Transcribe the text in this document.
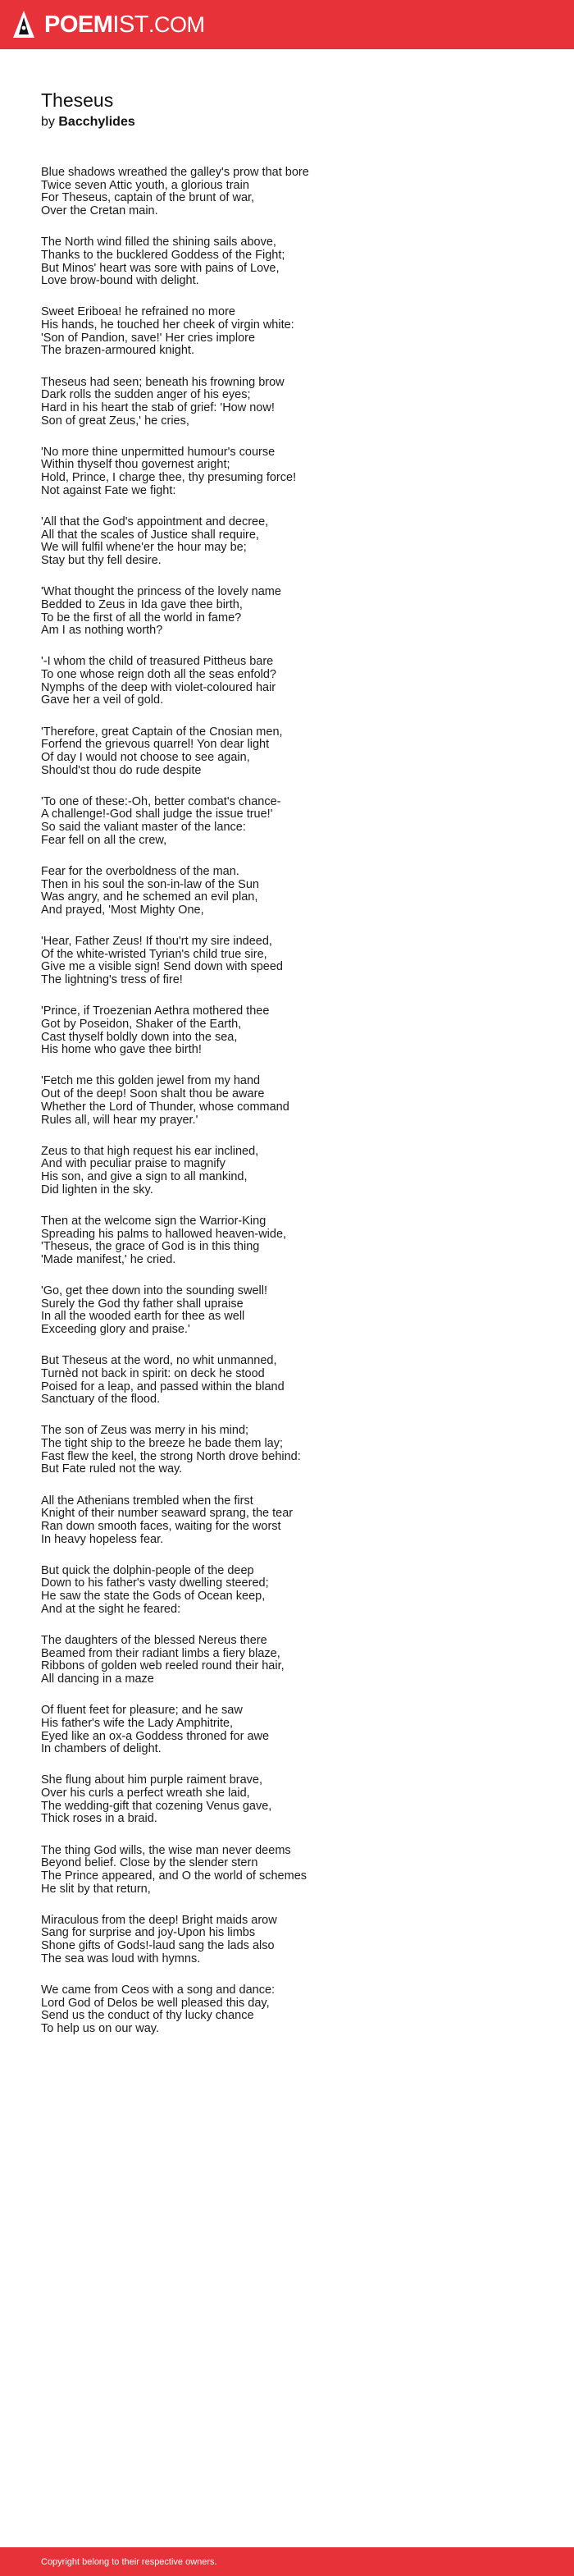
POEM IST .COM
Theseus
by Bacchylides
Blue shadows wreathed the galley's prow that bore
Twice seven Attic youth, a glorious train
For Theseus, captain of the brunt of war,
Over the Cretan main.
The North wind filled the shining sails above,
Thanks to the bucklered Goddess of the Fight;
But Minos' heart was sore with pains of Love,
Love brow-bound with delight.
Sweet Eriboea! he refrained no more
His hands, he touched her cheek of virgin white:
'Son of Pandion, save!' Her cries implore
The brazen-armoured knight.
Theseus had seen; beneath his frowning brow
Dark rolls the sudden anger of his eyes;
Hard in his heart the stab of grief: 'How now!
Son of great Zeus,' he cries,
'No more thine unpermitted humour's course
Within thyself thou governest aright;
Hold, Prince, I charge thee, thy presuming force!
Not against Fate we fight:
'All that the God's appointment and decree,
All that the scales of Justice shall require,
We will fulfil whene'er the hour may be;
Stay but thy fell desire.
'What thought the princess of the lovely name
Bedded to Zeus in Ida gave thee birth,
To be the first of all the world in fame?
Am I as nothing worth?
'-I whom the child of treasured Pittheus bare
To one whose reign doth all the seas enfold?
Nymphs of the deep with violet-coloured hair
Gave her a veil of gold.
'Therefore, great Captain of the Cnosian men,
Forfend the grievous quarrel! Yon dear light
Of day I would not choose to see again,
Should'st thou do rude despite
'To one of these:-Oh, better combat's chance-
A challenge!-God shall judge the issue true!'
So said the valiant master of the lance:
Fear fell on all the crew,
Fear for the overboldness of the man.
Then in his soul the son-in-law of the Sun
Was angry, and he schemed an evil plan,
And prayed, 'Most Mighty One,
'Hear, Father Zeus! If thou'rt my sire indeed,
Of the white-wristed Tyrian's child true sire,
Give me a visible sign! Send down with speed
The lightning's tress of fire!
'Prince, if Troezenian Aethra mothered thee
Got by Poseidon, Shaker of the Earth,
Cast thyself boldly down into the sea,
His home who gave thee birth!
'Fetch me this golden jewel from my hand
Out of the deep! Soon shalt thou be aware
Whether the Lord of Thunder, whose command
Rules all, will hear my prayer.'
Zeus to that high request his ear inclined,
And with peculiar praise to magnify
His son, and give a sign to all mankind,
Did lighten in the sky.
Then at the welcome sign the Warrior-King
Spreading his palms to hallowed heaven-wide,
'Theseus, the grace of God is in this thing
'Made manifest,' he cried.
'Go, get thee down into the sounding swell!
Surely the God thy father shall upraise
In all the wooded earth for thee as well
Exceeding glory and praise.'
But Theseus at the word, no whit unmanned,
Turnèd not back in spirit: on deck he stood
Poised for a leap, and passed within the bland
Sanctuary of the flood.
The son of Zeus was merry in his mind;
The tight ship to the breeze he bade them lay;
Fast flew the keel, the strong North drove behind:
But Fate ruled not the way.
All the Athenians trembled when the first
Knight of their number seaward sprang, the tear
Ran down smooth faces, waiting for the worst
In heavy hopeless fear.
But quick the dolphin-people of the deep
Down to his father's vasty dwelling steered;
He saw the state the Gods of Ocean keep,
And at the sight he feared:
The daughters of the blessed Nereus there
Beamed from their radiant limbs a fiery blaze,
Ribbons of golden web reeled round their hair,
All dancing in a maze
Of fluent feet for pleasure; and he saw
His father's wife the Lady Amphitrite,
Eyed like an ox-a Goddess throned for awe
In chambers of delight.
She flung about him purple raiment brave,
Over his curls a perfect wreath she laid,
The wedding-gift that cozening Venus gave,
Thick roses in a braid.
The thing God wills, the wise man never deems
Beyond belief. Close by the slender stern
The Prince appeared, and O the world of schemes
He slit by that return,
Miraculous from the deep! Bright maids arow
Sang for surprise and joy-Upon his limbs
Shone gifts of Gods!-laud sang the lads also
The sea was loud with hymns.
We came from Ceos with a song and dance:
Lord God of Delos be well pleased this day,
Send us the conduct of thy lucky chance
To help us on our way.
Copyright belong to their respective owners.
